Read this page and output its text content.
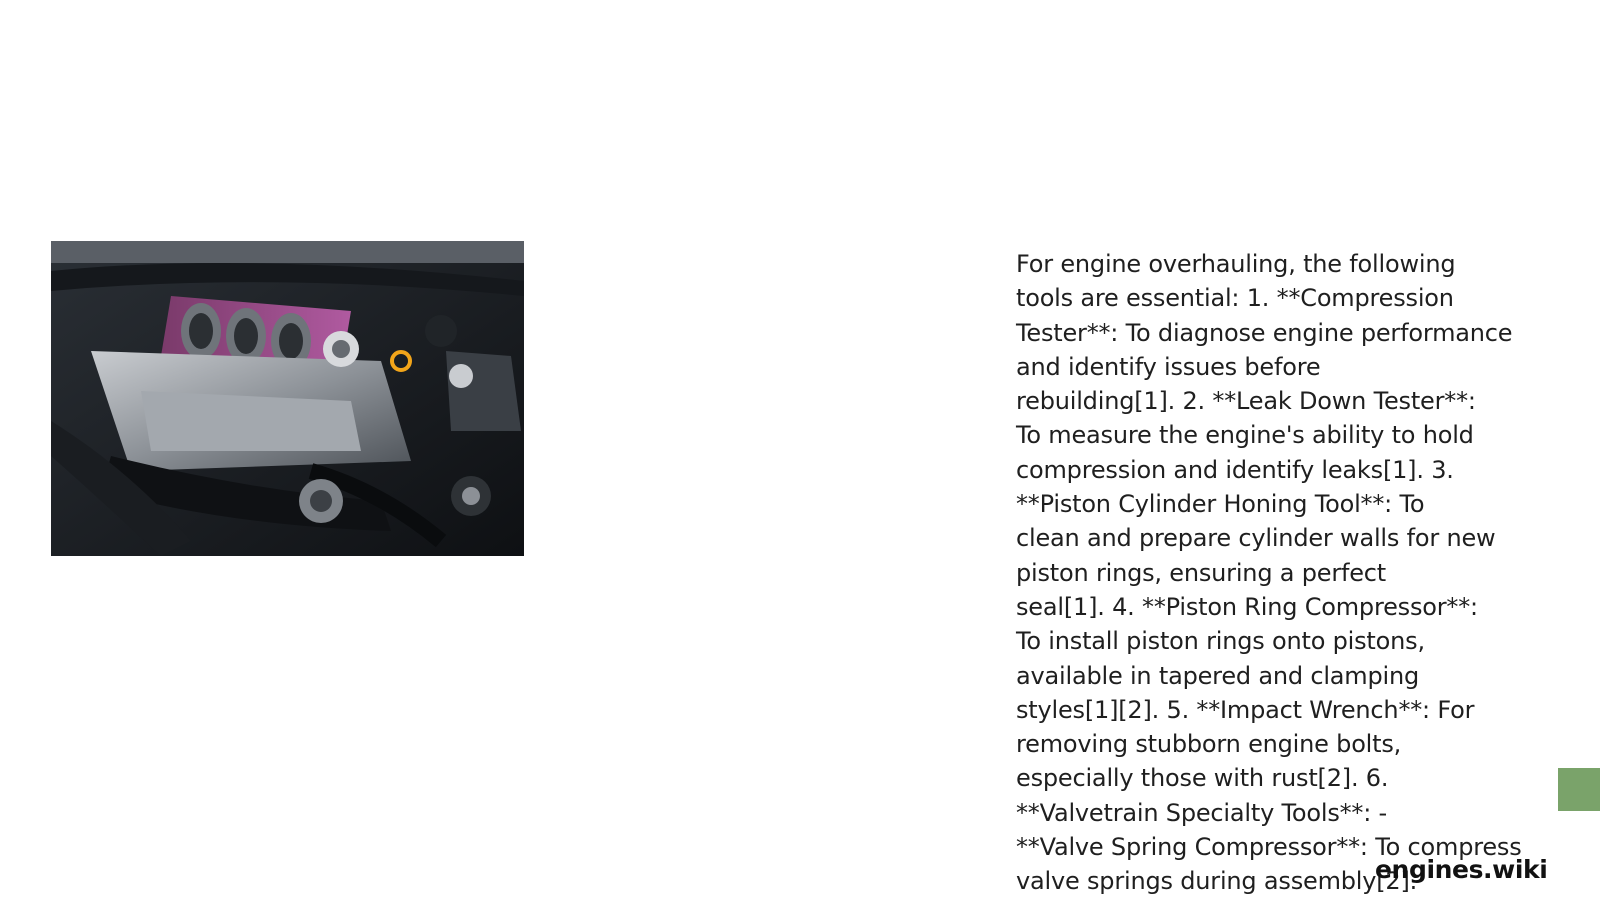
For engine overhauling, the following
tools are essential: 1. **Compression
Tester**: To diagnose engine performance
and identify issues before
rebuilding[1]. 2. **Leak Down Tester**:
To measure the engine's ability to hold
compression and identify leaks[1]. 3.
**Piston Cylinder Honing Tool**: To
clean and prepare cylinder walls for new
piston rings, ensuring a perfect
seal[1]. 4. **Piston Ring Compressor**:
To install piston rings onto pistons,
available in tapered and clamping
styles[1][2]. 5. **Impact Wrench**: For
removing stubborn engine bolts,
especially those with rust[2]. 6.
**Valvetrain Specialty Tools**: -
**Valve Spring Compressor**: To compress
valve springs during assembly[2].

engines.wiki
